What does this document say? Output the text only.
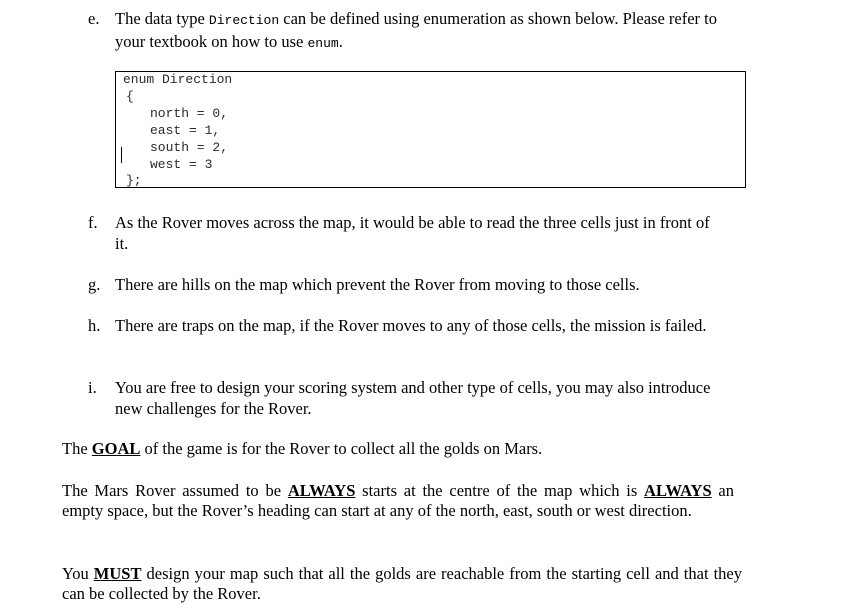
e. The data type Direction can be defined using enumeration as shown below. Please refer to your textbook on how to use enum.
enum Direction
{
north = 0,
east = 1,
south = 2,
west = 3
};
f.	As the Rover moves across the map, it would be able to read the three cells just in front of it.
g. There are hills on the map which prevent the Rover from moving to those cells.
h. There are traps on the map, if the Rover moves to any of those cells, the mission is failed.
i.	You are free to design your scoring system and other type of cells, you may also introduce new challenges for the Rover.
The GOAL of the game is for the Rover to collect all the golds on Mars.
The Mars Rover assumed to be ALWAYS starts at the centre of the map which is ALWAYS an empty space, but the Rover’s heading can start at any of the north, east, south or west direction.
You MUST design your map such that all the golds are reachable from the starting cell and that they can be collected by the Rover.
